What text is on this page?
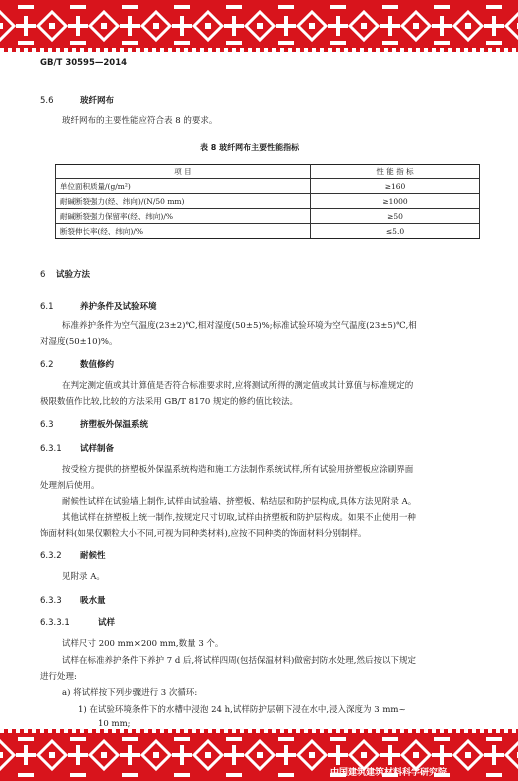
GB/T 30595—2014
5.6	玻纤网布
玻纤网布的主要性能应符合表 8 的要求。
表 8 玻纤网布主要性能指标
项 目	性 能 指 标
单位面积质量/(g/m²)	≥160
耐碱断裂强力(经、纬向)/(N/50 mm)	≥1000
耐碱断裂强力保留率(经、纬向)/%	≥50
断裂伸长率(经、纬向)/%	≤5.0
6 试验方法
6.1	养护条件及试验环境
标准养护条件为空气温度(23±2)℃,相对湿度(50±5)%;标准试验环境为空气温度(23±5)℃,相
对湿度(50±10)%。
6.2	数值修约
在判定测定值或其计算值是否符合标准要求时,应将测试所得的测定值或其计算值与标准规定的
极限数值作比较,比较的方法采用 GB/T 8170 规定的修约值比较法。
6.3	挤塑板外保温系统
6.3.1 试样制备
按受检方提供的挤塑板外保温系统构造和施工方法制作系统试样,所有试验用挤塑板应涂刷界面
处理剂后使用。
耐候性试样在试验墙上制作,试样由试验墙、挤塑板、粘结层和防护层构成,具体方法见附录 A。
其他试样在挤塑板上统一制作,按规定尺寸切取,试样由挤塑板和防护层构成。如果不止使用一种
饰面材料(如果仅颗粒大小不同,可视为同种类材料),应按不同种类的饰面材料分别制样。
6.3.2 耐候性
见附录 A。
6.3.3 吸水量
6.3.3.1	试样
试样尺寸 200 mm×200 mm,数量 3 个。
试样在标准养护条件下养护 7 d 后,将试样四周(包括保温材料)做密封防水处理,然后按以下规定
进行处理:
a) 将试样按下列步骤进行 3 次循环:
1) 在试验环境条件下的水槽中浸泡 24 h,试样防护层朝下浸在水中,浸入深度为 3 mm~
10 mm;
中国建筑建筑材料科学研究院
